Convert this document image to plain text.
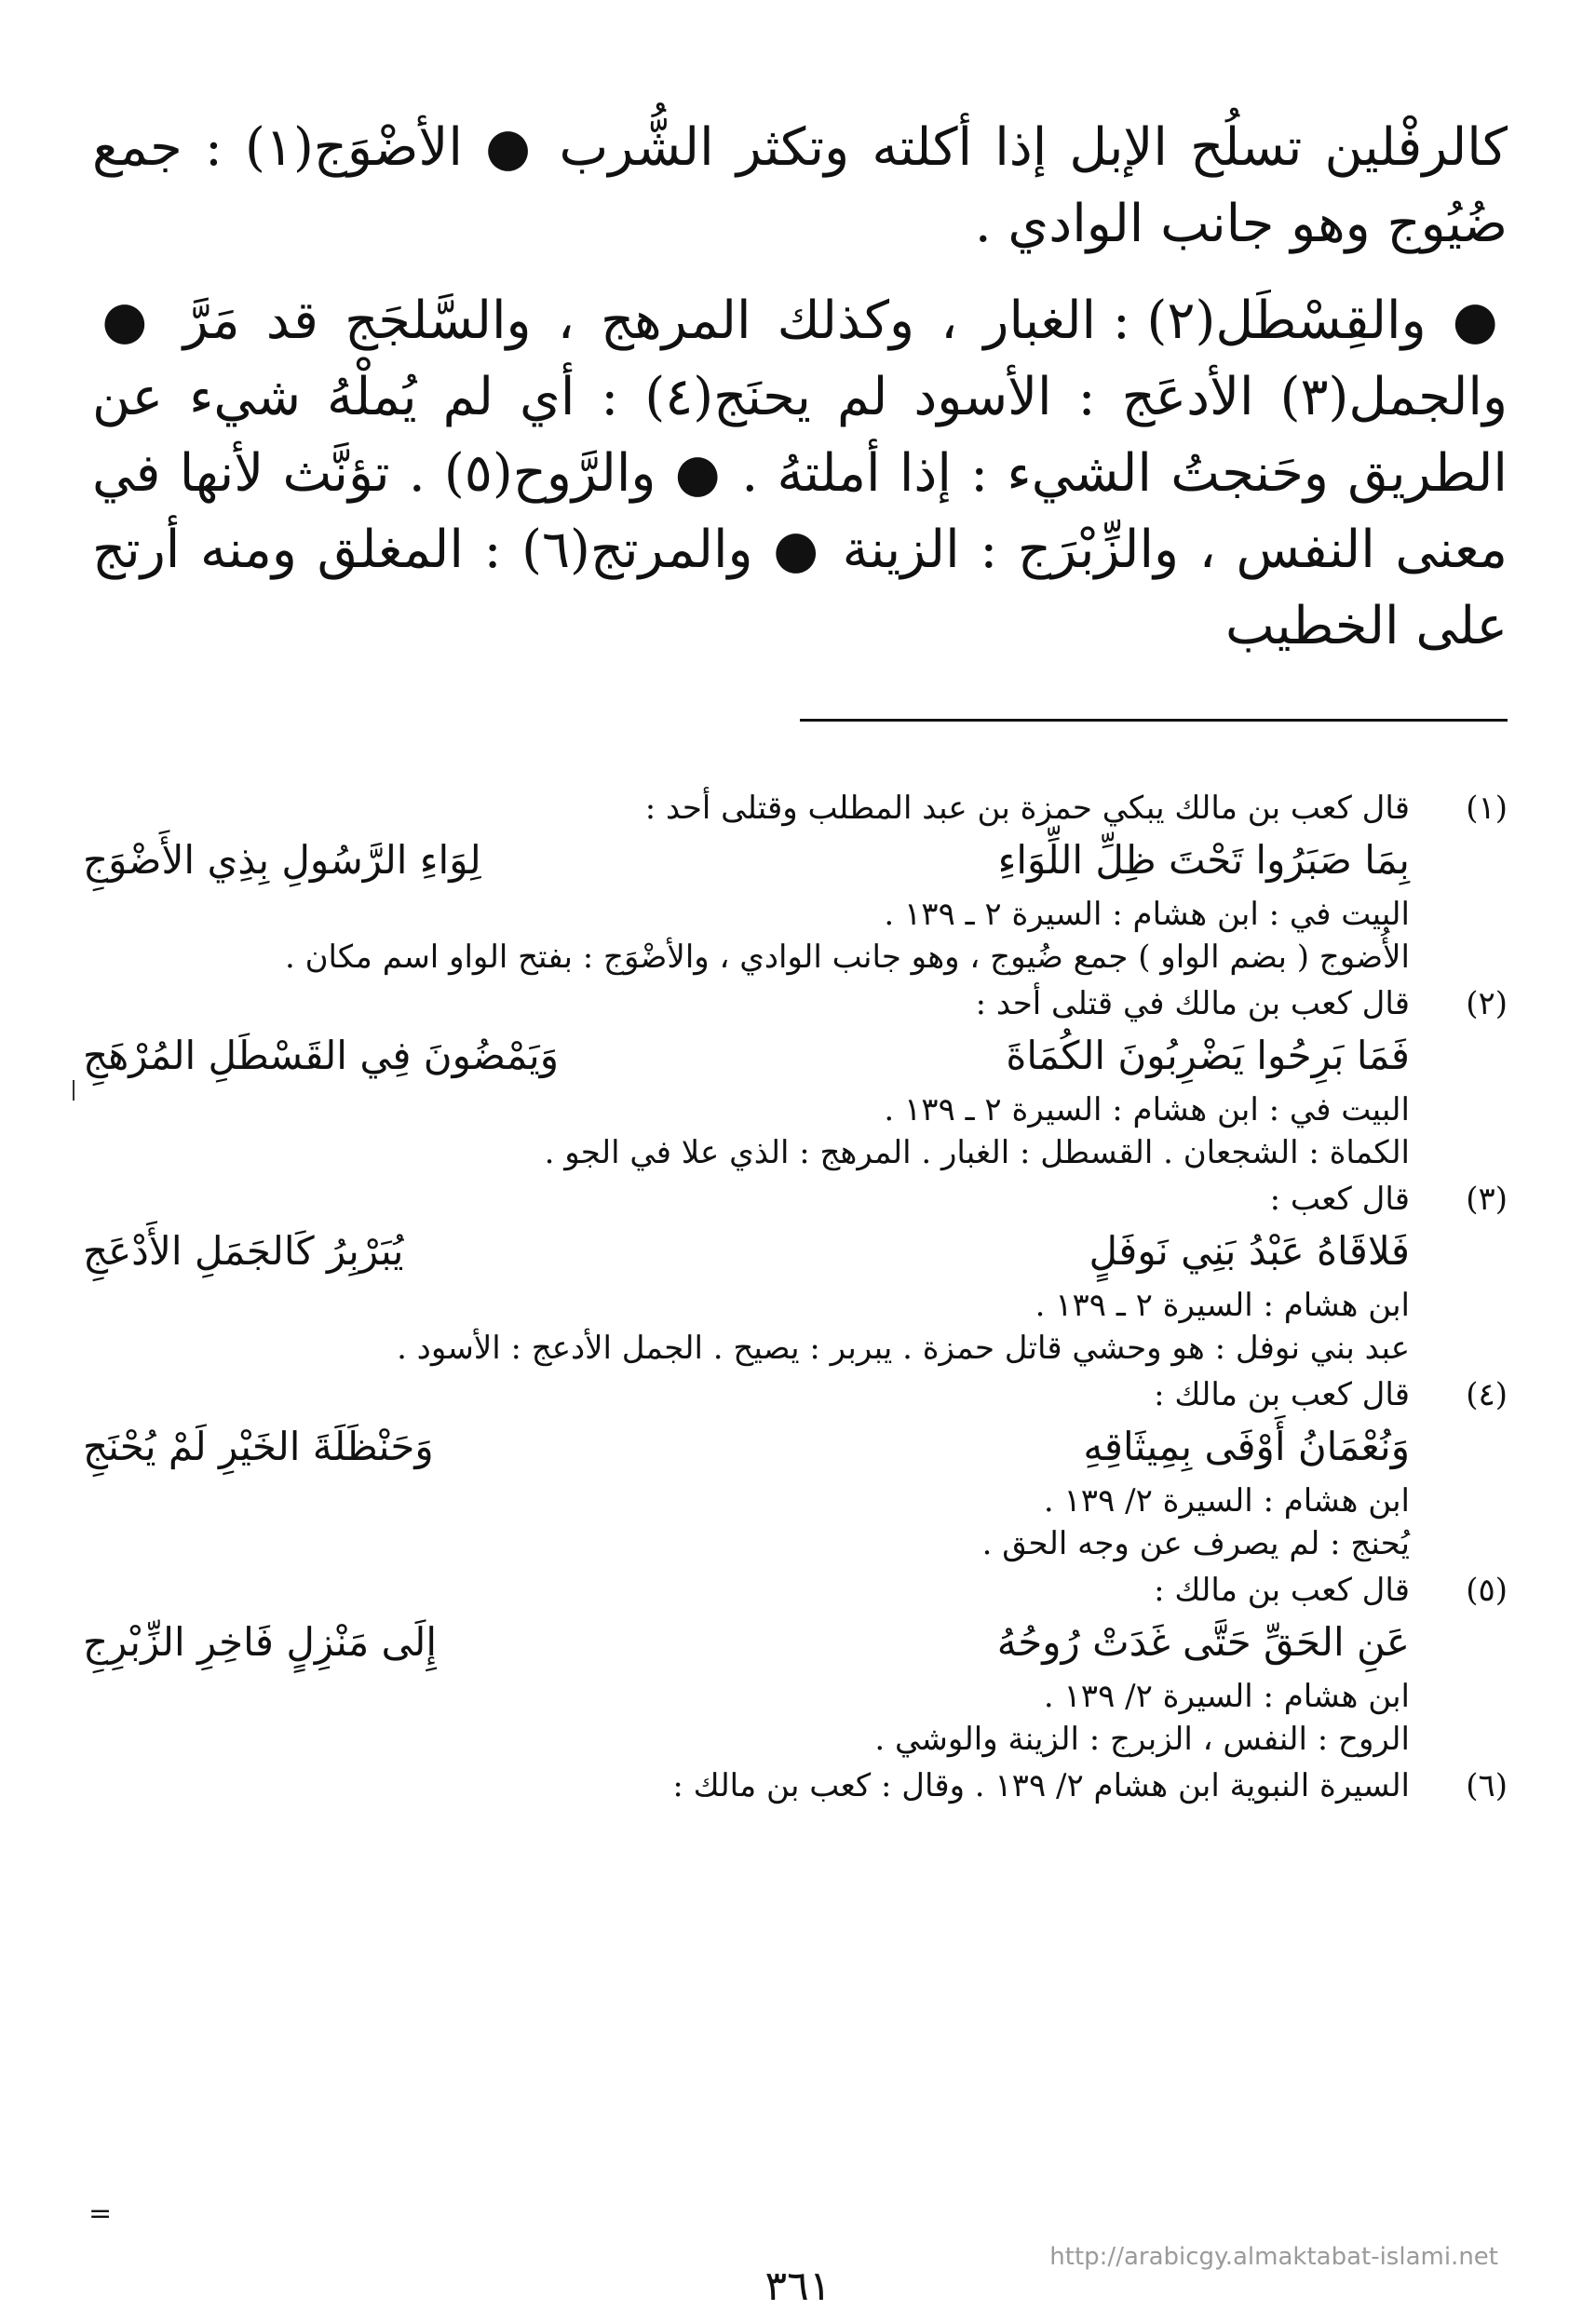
كالرفْلين تسلُح الإبل إذا أكلته وتكثر الشُّرب ● الأضْوَج(١) : جمع ضُيُوج وهو جانب الوادي .

● والقِسْطَل(٢) : الغبار ، وكذلك المرهج ، والسَّلجَج قد مَرَّ ● والجمل(٣) الأدعَج : الأسود لم يحنَج(٤) : أي لم يُملْهُ شيء عن الطريق وحَنجتُ الشيء : إذا أملتهُ . ● والرَّوح(٥) . تؤنَّث لأنها في معنى النفس ، والزِّبْرَج : الزينة ● والمرتج(٦) : المغلق ومنه أرتج على الخطيب

(١)
قال كعب بن مالك يبكي حمزة بن عبد المطلب وقتلى أحد :
بِمَا صَبَرُوا تَحْتَ ظِلِّ اللِّوَاءِ
لِوَاءِ الرَّسُولِ بِذِي الأَضْوَجِ
البيت في : ابن هشام : السيرة ٢ ـ ١٣٩ .
الأُضوج ( بضم الواو ) جمع ضُيوج ، وهو جانب الوادي ، والأضْوَج : بفتح الواو اسم مكان .
(٢)
قال كعب بن مالك في قتلى أحد :
فَمَا بَرِحُوا يَضْرِبُونَ الكُمَاةَ
وَيَمْضُونَ فِي القَسْطَلِ المُرْهَجِ
البيت في : ابن هشام : السيرة ٢ ـ ١٣٩ .
الكماة : الشجعان . القسطل : الغبار . المرهج : الذي علا في الجو .
(٣)
قال كعب :
فَلاقَاهُ عَبْدُ بَنِي نَوفَلٍ
يُبَرْبِرُ كَالجَمَلِ الأَدْعَجِ
ابن هشام : السيرة ٢ ـ ١٣٩ .
عبد بني نوفل : هو وحشي قاتل حمزة . يبربر : يصيح . الجمل الأدعج : الأسود .
(٤)
قال كعب بن مالك :
وَنُعْمَانُ أَوْفَى بِمِيثَاقِهِ
وَحَنْظَلَةَ الخَيْرِ لَمْ يُحْنَجِ
ابن هشام : السيرة ٢/ ١٣٩ .
يُحنج : لم يصرف عن وجه الحق .
(٥)
قال كعب بن مالك :
عَنِ الحَقِّ حَتَّى غَدَتْ رُوحُهُ
إِلَى مَنْزِلٍ فَاخِرِ الزِّبْرِجِ
ابن هشام : السيرة ٢/ ١٣٩ .
الروح : النفس ، الزبرج : الزينة والوشي .
(٦)
السيرة النبوية ابن هشام ٢/ ١٣٩ . وقال : كعب بن مالك :
=
http://arabicgy.almaktabat-islami.net
٣٦١
